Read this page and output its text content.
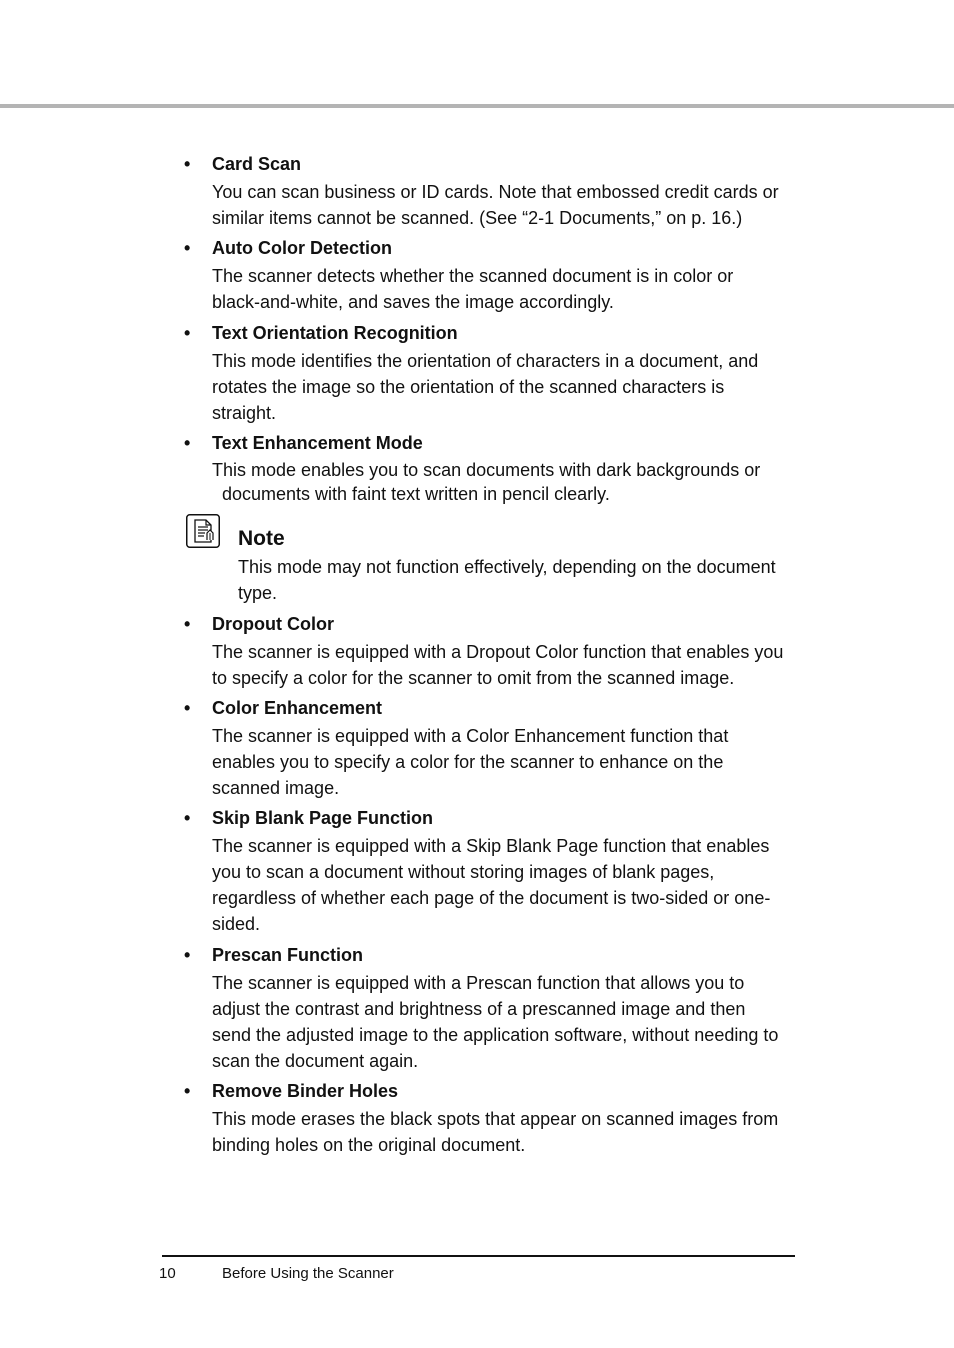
• Card Scan
You can scan business or ID cards. Note that embossed credit cards or
similar items cannot be scanned. (See “2-1 Documents,” on p. 16.)
• Auto Color Detection
The scanner detects whether the scanned document is in color or
black-and-white, and saves the image accordingly.
• Text Orientation Recognition
This mode identifies the orientation of characters in a document, and
rotates the image so the orientation of the scanned characters is
straight.
• Text Enhancement Mode
This mode enables you to scan documents with dark backgrounds or
documents with faint text written in pencil clearly.
Note
This mode may not function effectively, depending on the document
type.
• Dropout Color
The scanner is equipped with a Dropout Color function that enables you
to specify a color for the scanner to omit from the scanned image.
• Color Enhancement
The scanner is equipped with a Color Enhancement function that
enables you to specify a color for the scanner to enhance on the
scanned image.
• Skip Blank Page Function
The scanner is equipped with a Skip Blank Page function that enables
you to scan a document without storing images of blank pages,
regardless of whether each page of the document is two-sided or one-
sided.
• Prescan Function
The scanner is equipped with a Prescan function that allows you to
adjust the contrast and brightness of a prescanned image and then
send the adjusted image to the application software, without needing to
scan the document again.
• Remove Binder Holes
This mode erases the black spots that appear on scanned images from
binding holes on the original document.
10	Before Using the Scanner
